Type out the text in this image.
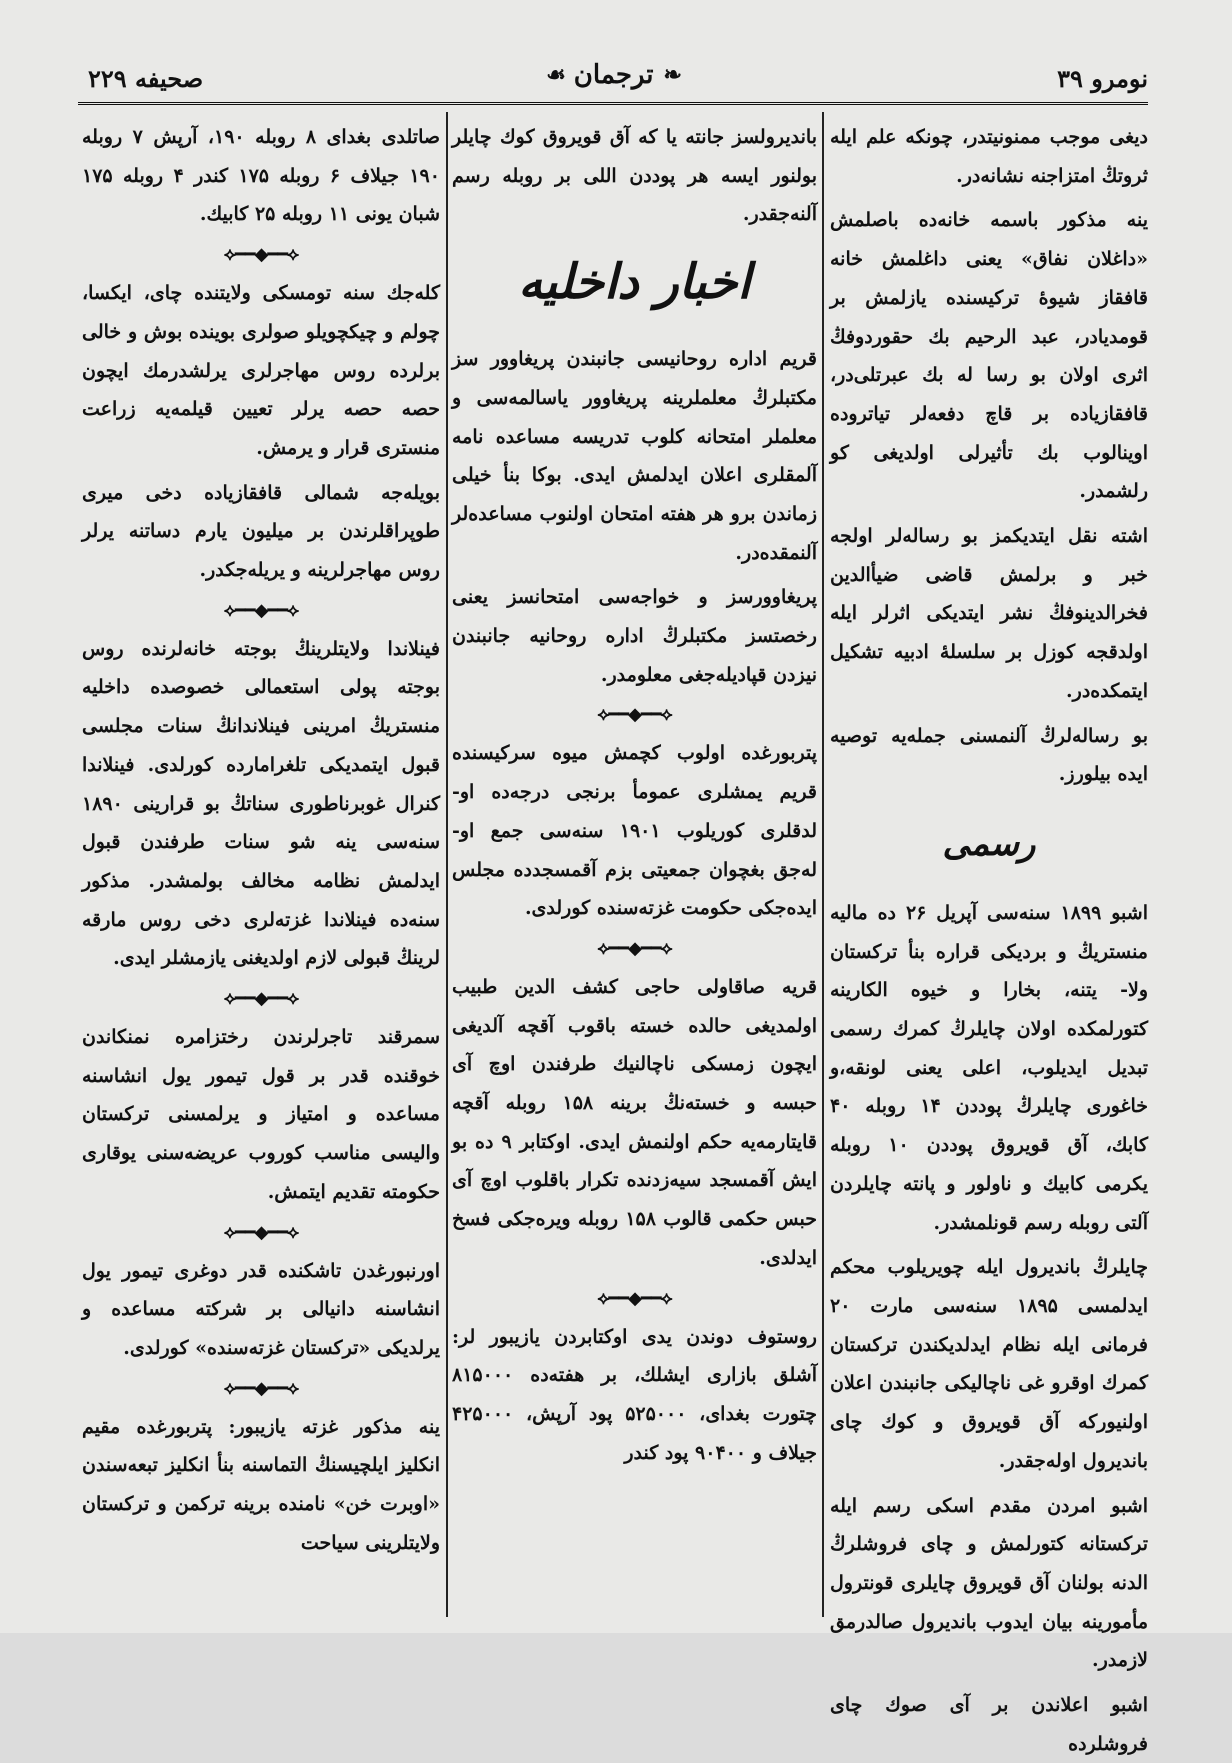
نومرو ۳۹
❧
ترجمان
☙
صحیفه ۲۲۹

دیغی موجب ممنونیتدر، چونکه علم ایله ثروتڭ امتزاجنه نشانه‌در.

ینه مذکور باسمه خانه‌ده باصلمش «داغلان نفاق» یعنی داغلمش خانه قافقاز شیوهٔ ترکیسنده یازلمش بر قومدیادر، عبد الرحیم بك حقوردوفڭ اثری اولان بو رسا له بك عبرتلی‌در، قافقازیاده بر قاچ دفعه‌لر تیاتروده اوینالوب بك تأثیرلی اولدیغی کو رلشمدر.

اشته نقل ایتدیکمز بو رساله‌لر اولجه خبر و برلمش قاضی ضیأالدین فخرالدینوفڭ نشر ایتدیکی اثرلر ایله اولدقجه کوزل بر سلسلهٔ ادبیه تشکیل ایتمکده‌در.

بو رساله‌لرڭ آلنمسنی جمله‌یه توصیه ایده بیلورز.

رسمی

اشبو ۱۸۹۹ سنه‌سی آپریل ۲۶ ده مالیه منستریڭ و بردیکی قراره بنأ ترکستان ولا- یتنه، بخارا و خیوه الکارینه کتورلمکده اولان چایلرڭ کمرك رسمی تبدیل ایدیلوب، اعلی یعنی لونقه،و خاغوری چایلرڭ پوددن ۱۴ روبله ۴۰ کابك، آق قویروق پوددن ۱۰ روبله یکرمی کابیك و ناولور و پانته چایلردن آلتی روبله رسم قونلمشدر.

چایلرڭ باندیرول ایله چویریلوب محکم ایدلمسی ۱۸۹۵ سنه‌سی مارت ۲۰ فرمانی ایله نظام ایدلدیکندن ترکستان کمرك اوقرو غی ناچالیکی جانبندن اعلان اولنیورکه آق قویروق و کوك چای باندیرول اوله‌جقدر.

اشبو امردن مقدم اسکی رسم ایله ترکستانه کتورلمش و چای فروشلرڭ الدنه بولنان آق قویروق چایلری قونترول مأمورینه بیان ایدوب باندیرول صالدرمق لازمدر.

اشبو اعلاندن بر آی صوك چای فروشلرده

باندیرولسز جانته یا که آق قویروق کوك چایلر بولنور ایسه هر پوددن اللی بر روبله رسم آلنه‌جقدر.

اخبار داخلیه

قریم اداره روحانیسی جانبندن پریغاوور سز مکتبلرڭ معلملرینه پریغاوور یاسالمه‌سی و معلملر امتحانه کلوب تدریسه مساعده نامه آلمقلری اعلان ایدلمش ایدی. بوکا بنأ خیلی زماندن برو هر هفته امتحان اولنوب مساعده‌لر آلنمقده‌در.

پریغاوورسز و خواجه‌سی امتحانسز یعنی رخصتسز مکتبلرڭ اداره روحانیه جانبندن نیزدن قپادیله‌جغی معلومدر.

⟡━━◆━━⟡

پتربورغده اولوب کچمش میوه سرکیسنده قریم یمشلری عمومأ برنجی درجه‌ده او- لدقلری کوریلوب ۱۹۰۱ سنه‌سی جمع او- له‌جق بغچوان جمعیتی بزم آقمسجدده مجلس ایده‌جکی حکومت غزته‌سنده کورلدی.

⟡━━◆━━⟡

قریه صاقاولی حاجی کشف الدین طبیب اولمدیغی حالده خسته باقوب آقچه آلدیغی ایچون زمسکی ناچالنیك طرفندن اوچ آی حبسه و خسته‌نڭ برینه ۱۵۸ روبله آقچه قایتارمه‌یه حکم اولنمش ایدی. اوکتابر ۹ ده بو ایش آقمسجد سیه‌زدنده تکرار باقلوب اوچ آی حبس حکمی قالوب ۱۵۸ روبله ویره‌جکی فسخ ایدلدی.

⟡━━◆━━⟡

روستوف دوندن یدی اوکتابردن یازیبور لر: آشلق بازاری ایشلك، بر هفته‌ده ۸۱۵۰۰۰ چتورت بغدای، ۵۲۵۰۰۰ پود آرپش، ۴۲۵۰۰۰ جیلاف و ۹۰۴۰۰ پود کندر

صاتلدی بغدای ۸ روبله ۱۹۰، آرپش ۷ روبله ۱۹۰ جیلاف ۶ روبله ۱۷۵ کندر ۴ روبله ۱۷۵ شبان یونی ۱۱ روبله ۲۵ کابیك.

⟡━━◆━━⟡

کله‌جك سنه تومسکی ولایتنده چای، ایکسا، چولم و چیکچویلو صولری بوینده بوش و خالی برلرده روس مهاجرلری یرلشدرمك ایچون حصه حصه یرلر تعیین قیلمه‌یه زراعت منستری قرار و یرمش.

بویله‌جه شمالی قافقازیاده دخی میری طوپراقلرندن بر میلیون یارم دساتنه یرلر روس مهاجرلرینه و یریله‌جکدر.

⟡━━◆━━⟡

فینلاندا ولایتلرینڭ بوجته خانه‌لرنده روس بوجته پولی استعمالی خصوصده داخلیه منستریڭ امرینی فینلاندانڭ سنات مجلسی قبول ایتمدیکی تلغرامارده کورلدی. فینلاندا کنرال غوبرناطوری سناتڭ بو قرارینی ۱۸۹۰ سنه‌سی ینه شو سنات طرفندن قبول ایدلمش نظامه مخالف بولمشدر. مذکور سنه‌ده فینلاندا غزته‌لری دخی روس مارقه لرینڭ قبولی لازم اولدیغنی یازمشلر ایدی.

⟡━━◆━━⟡

سمرقند تاجرلرندن رختزامره نمنکاندن خوقنده قدر بر قول تیمور یول انشاسنه مساعده و امتیاز و یرلمسنی ترکستان والیسی مناسب کوروب عریضه‌سنی یوقاری حکومته تقدیم ایتمش.

⟡━━◆━━⟡

اورنبورغدن تاشکنده قدر دوغری تیمور یول انشاسنه دانیالی بر شرکته مساعده و یرلدیکی «ترکستان غزته‌سنده» کورلدی.

⟡━━◆━━⟡

ینه مذکور غزته یازیبور: پتربورغده مقیم انکلیز ایلچیسنڭ التماسنه بنأ انکلیز تبعه‌سندن «اوبرت خن» نامنده برینه ترکمن و ترکستان ولایتلرینی سیاحت
